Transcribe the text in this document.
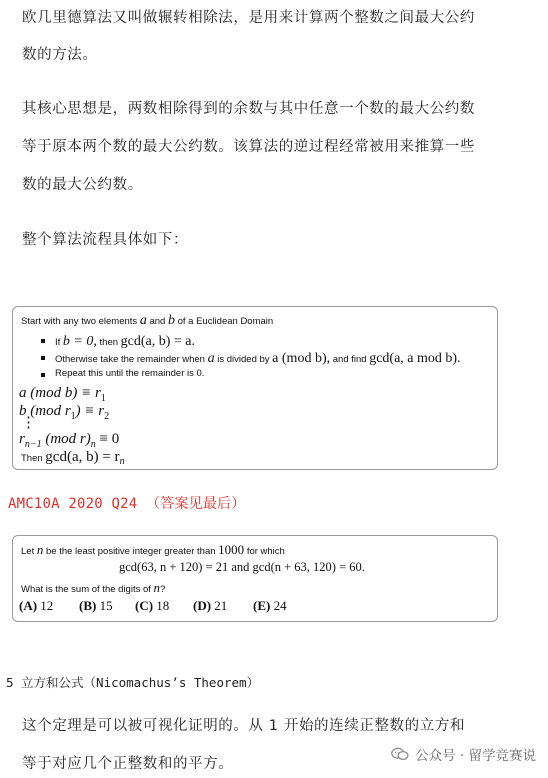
欧几里德算法又叫做辗转相除法，是用来计算两个整数之间最大公约
数的方法。
其核心思想是，两数相除得到的余数与其中任意一个数的最大公约数
等于原本两个数的最大公约数。该算法的逆过程经常被用来推算一些
数的最大公约数。
整个算法流程具体如下：
Start with any two elements a and b of a Euclidean Domain
If b = 0, then gcd(a, b) = a.
Otherwise take the remainder when a is divided by a (mod b), and find gcd(a, a mod b).
Repeat this until the remainder is 0.
a (mod $b) \equiv r_1$
b (mod $r_1) \equiv r_2$
⋮
$r_{n-1}$ (mod $r)_n \equiv 0$
Then gcd(a, $b) = r_n$
AMC10A 2020 Q24 （答案见最后）
Let n be the least positive integer greater than 1000 for which
gcd(63, n + 120) = 21 and gcd(n + 63, 120) = 60.
What is the sum of the digits of n?
(A) 12 (B) 15 (C) 18 (D) 21 (E) 24
5 立方和公式（Nicomachus’s Theorem）
这个定理是可以被可视化证明的。从 1 开始的连续正整数的立方和
等于对应几个正整数和的平方。	公众号 · 留学竞赛说
